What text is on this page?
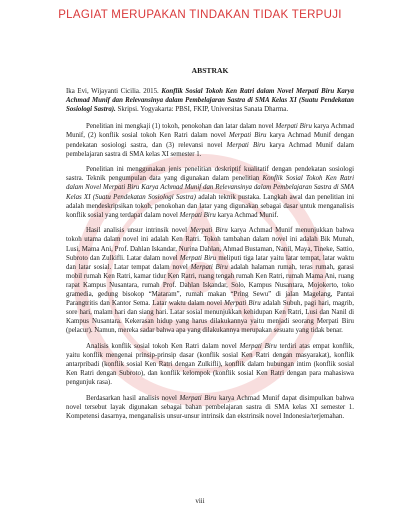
PLAGIAT MERUPAKAN TINDAKAN TIDAK TERPUJI
ABSTRAK
Ika Evi, Wijayanti Cicilia. 2015. Konflik Sosial Tokoh Ken Ratri dalam Novel Merpati Biru Karya Achmad Munif dan Relevansinya dalam Pembelajaran Sastra di SMA Kelas XI (Suatu Pendekatan Sosiologi Sastra). Skripsi. Yogyakarta: PBSI, FKIP, Universitas Sanata Dharma.

Penelitian ini mengkaji (1) tokoh, penokohan dan latar dalam novel Merpati Biru karya Achmad Munif, (2) konflik sosial tokoh Ken Ratri dalam novel Merpati Biru karya Achmad Munif dengan pendekatan sosiologi sastra, dan (3) relevansi novel Merpati Biru karya Achmad Munif dalam pembelajaran sastra di SMA kelas XI semester 1.

Penelitian ini menggunakan jenis penelitian deskriptif kualitatif dengan pendekatan sosiologi sastra. Teknik pengumpulan data yang digunakan dalam penelitian Konflik Sosial Tokoh Ken Ratri dalam Novel Merpati Biru Karya Achmad Munif dan Relevansinya dalam Pembelajaran Sastra di SMA Kelas XI (Suatu Pendekatan Sosiologi Sastra) adalah teknik pustaka. Langkah awal dan penelitian ini adalah mendeskripsikan tokoh, penokohan dan latar yang digunakan sebagai dasar untuk menganalisis konflik sosial yang terdapat dalam novel Merpati Biru karya Achmad Munif.

Hasil analisis unsur intrinsik novel Merpati Biru karya Achmad Munif menunjukkan bahwa tokoh utama dalam novel ini adalah Ken Ratri. Tokoh tambahan dalam novel ini adalah Bik Munah, Lusi, Mama Ani, Prof. Dahlan Iskandar, Nurina Dahlan, Ahmad Bustaman, Nanil, Maya, Tineke, Sattio, Subroto dan Zulkifli. Latar dalam novel Merpati Biru meliputi tiga latar yaitu latar tempat, latar waktu dan latar sosial. Latar tempat dalam novel Merpati Biru adalah halaman rumah, teras rumah, garasi mobil rumah Ken Ratri, kamar tidur Ken Ratri, ruang tengah rumah Ken Ratri, rumah Mama Ani, ruang rapat Kampus Nusantara, rumah Prof. Dahlan Iskandar, Solo, Kampus Nusantara, Mojokerto, toko gramedia, gedung bisokop “Mataram”, rumah makan “Pring Sewu” di jalan Magelang, Pantai Parangtritis dan Kantor Sema. Latar waktu dalam novel Merpati Biru adalah Subuh, pagi hari, magrib, sore hari, malam hari dan siang hari. Latar sosial menunjukkan kehidupan Ken Ratri, Lusi dan Nanil di Kampus Nusantara. Kekerasan hidup yang harus dilakukannya yaitu menjadi seorang Merpati Biru (pelacur). Namun, mereka sadar bahwa apa yang dilakukannya merupakan sesuatu yang tidak benar.

Analisis konflik sosial tokoh Ken Ratri dalam novel Merpati Biru terdiri atas empat konflik, yaitu konflik mengenai prinsip-prinsip dasar (konflik sosial Ken Ratri dengan masyarakat), konflik antarpribadi (konflik sosial Ken Ratri dengan Zulkifli), konflik dalam hubungan intim (konflik sosial Ken Ratri dengan Subroto), dan konflik kelompok (konflik sosial Ken Ratri dengan para mahasiswa pengunjuk rasa).

Berdasarkan hasil analisis novel Merpati Biru karya Achmad Munif dapat disimpulkan bahwa novel tersebut layak digunakan sebagai bahan pembelajaran sastra di SMA kelas XI semester 1. Kompetensi dasarnya, menganalisis unsur-unsur intrinsik dan ekstrinsik novel Indonesia/terjemahan.

viii
